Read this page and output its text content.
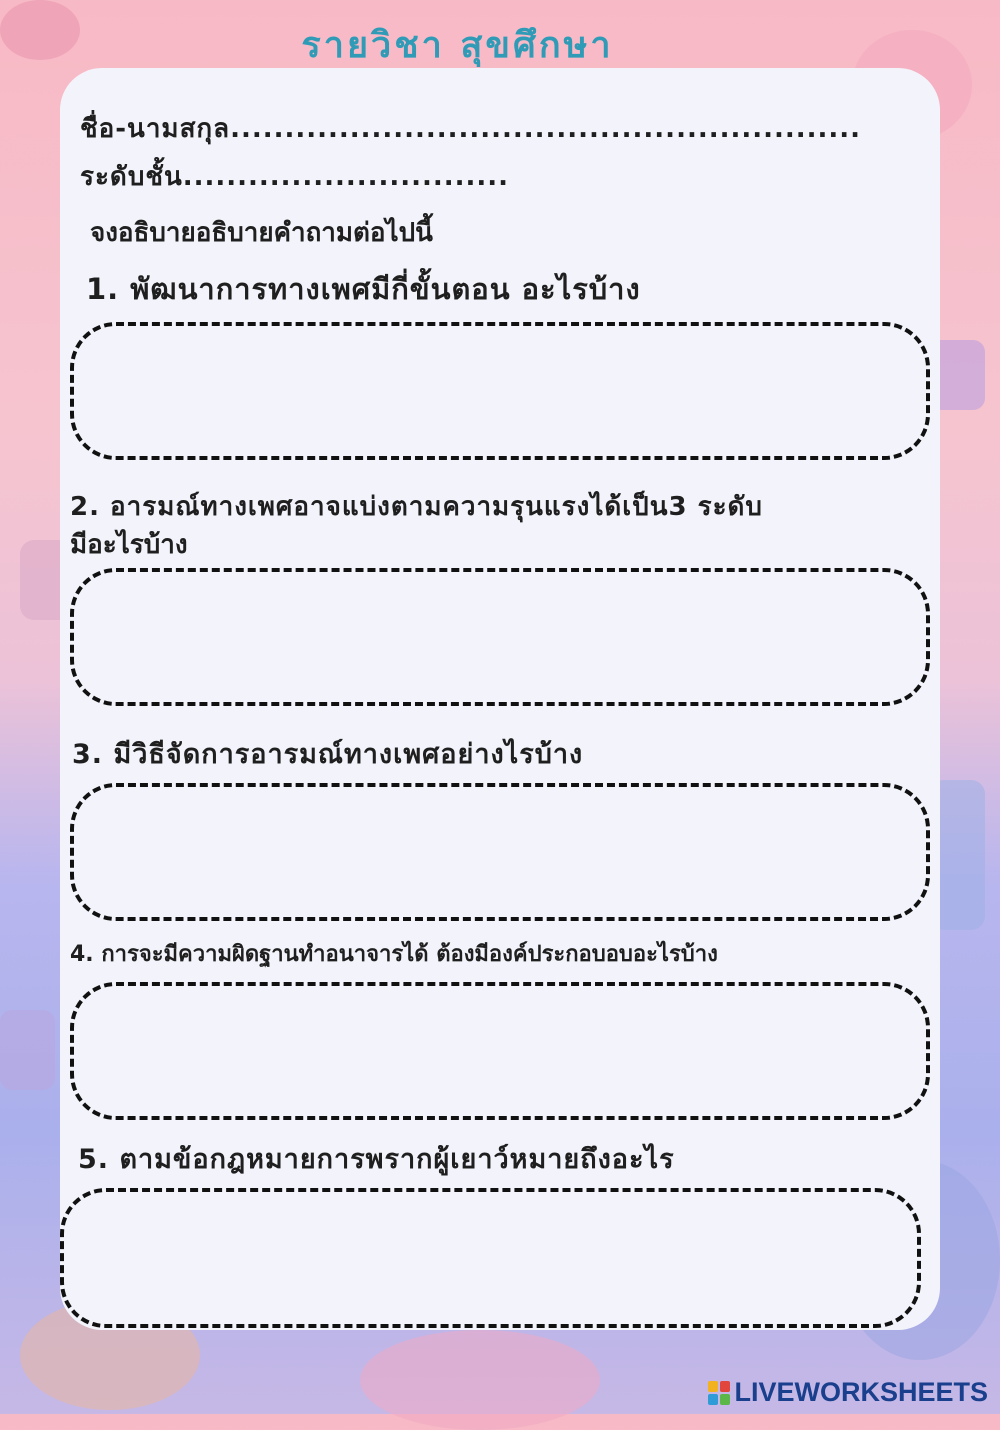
รายวิชา สุขศึกษา
ชื่อ-นามสกุล..........................................................
ระดับชั้น..............................
จงอธิบายอธิบายคำถามต่อไปนี้
1. พัฒนาการทางเพศมีกี่ขั้นตอน อะไรบ้าง
2. อารมณ์ทางเพศอาจแบ่งตามความรุนแรงได้เป็น3 ระดับ
มีอะไรบ้าง
3. มีวิธีจัดการอารมณ์ทางเพศอย่างไรบ้าง
4. การจะมีความผิดฐานทำอนาจารได้ ต้องมีองค์ประกอบอบอะไรบ้าง
5. ตามข้อกฎหมายการพรากผู้เยาว์หมายถึงอะไร
LIVEWORKSHEETS
